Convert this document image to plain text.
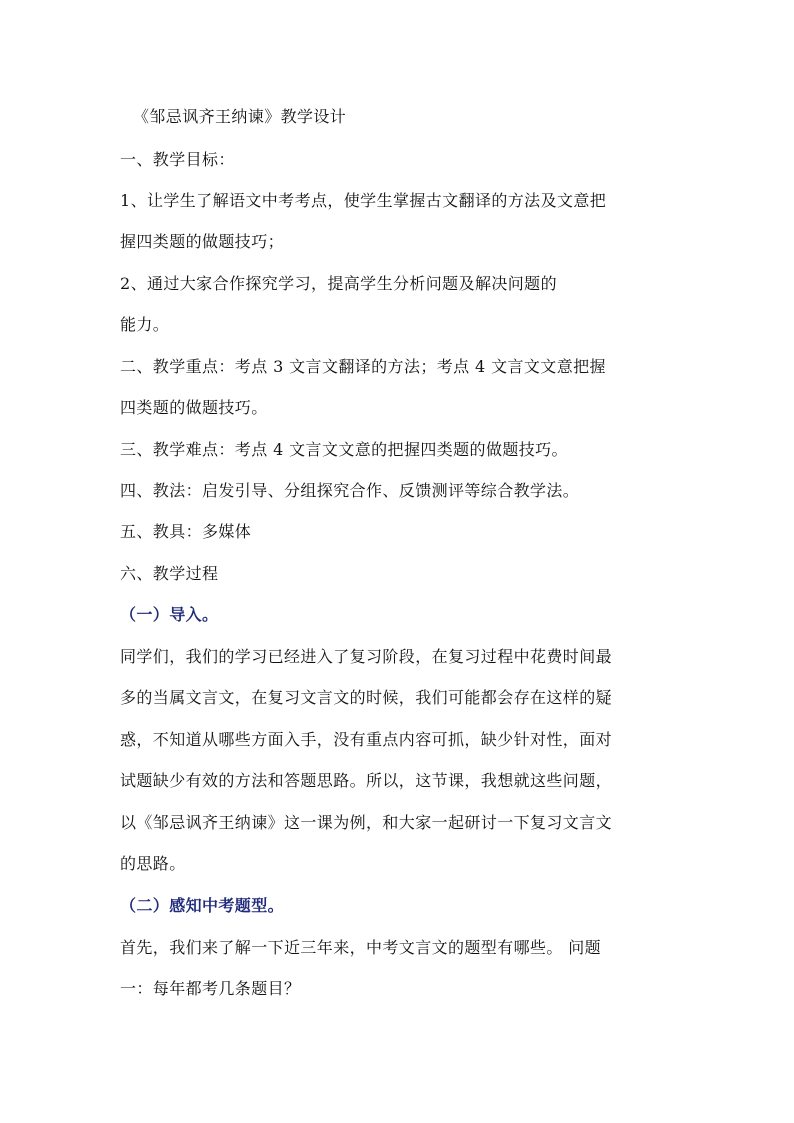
《邹忌讽齐王纳谏》教学设计
一、教学目标：
1、让学生了解语文中考考点，使学生掌握古文翻译的方法及文意把
握四类题的做题技巧；
2、通过大家合作探究学习，提高学生分析问题及解决问题的
能力。
二、教学重点：考点 3 文言文翻译的方法；考点 4 文言文文意把握
四类题的做题技巧。
三、教学难点：考点 4 文言文文意的把握四类题的做题技巧。
四、教法：启发引导、分组探究合作、反馈测评等综合教学法。
五、教具：多媒体
六、教学过程
（一）导入。
同学们，我们的学习已经进入了复习阶段，在复习过程中花费时间最
多的当属文言文，在复习文言文的时候，我们可能都会存在这样的疑
惑，不知道从哪些方面入手，没有重点内容可抓，缺少针对性，面对
试题缺少有效的方法和答题思路。所以，这节课，我想就这些问题，
以《邹忌讽齐王纳谏》这一课为例，和大家一起研讨一下复习文言文
的思路。
（二）感知中考题型。
首先，我们来了解一下近三年来，中考文言文的题型有哪些。 问题
一：每年都考几条题目？
